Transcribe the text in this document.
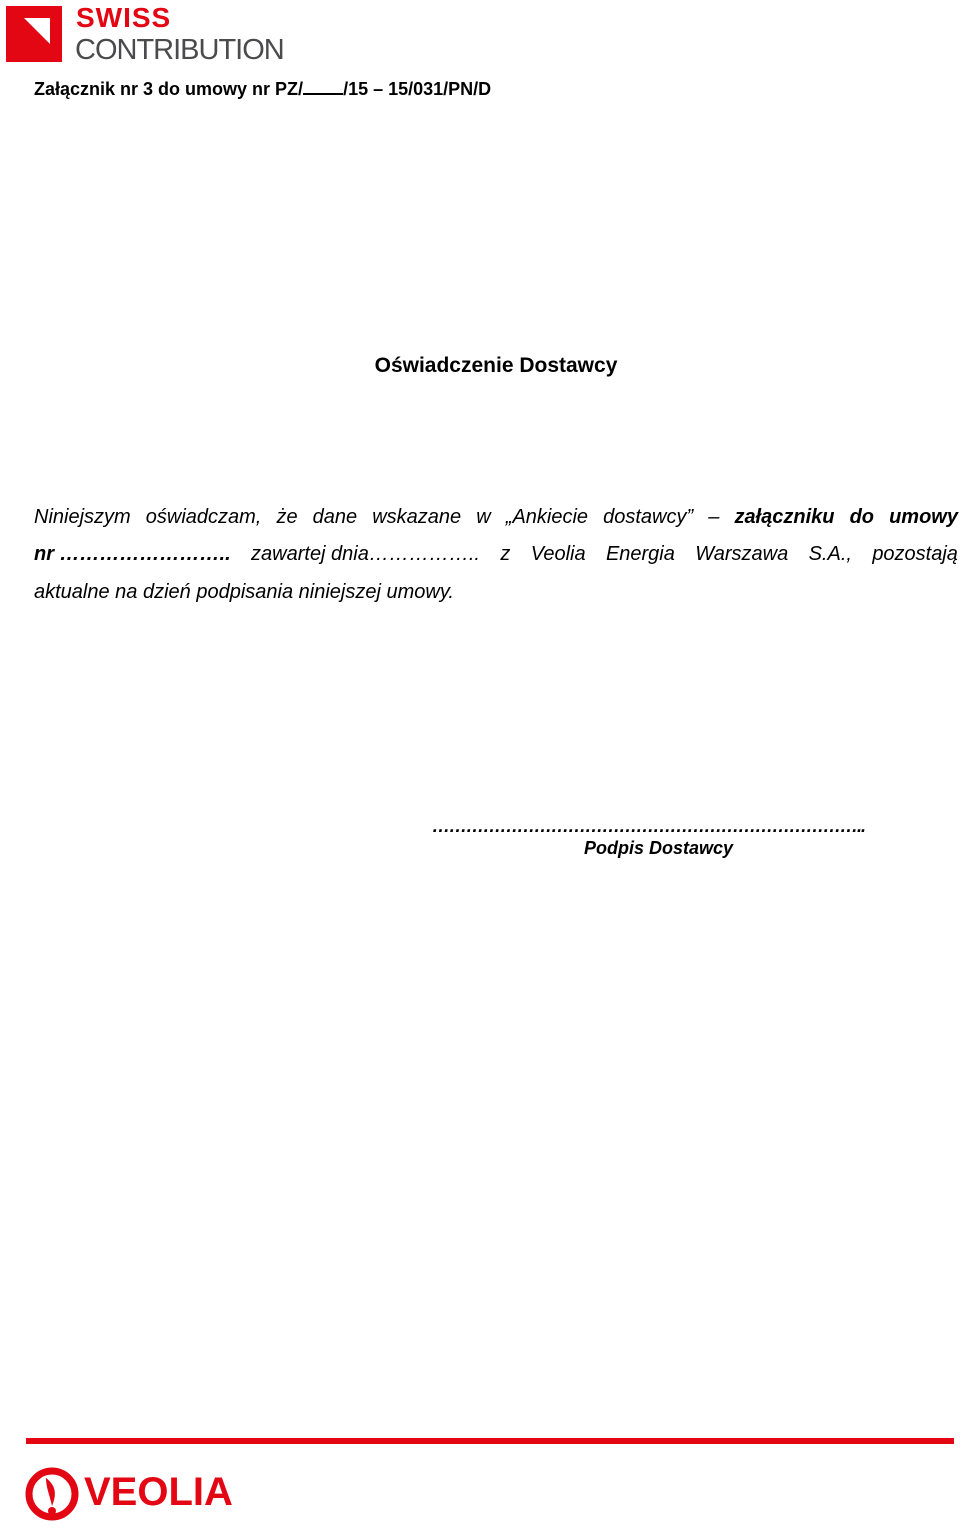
SWISS
CONTRIBUTION
Załącznik nr 3 do umowy nr PZ/ /15 – 15/031/PN/D
Oświadczenie Dostawcy
Niniejszym oświadczam, że dane wskazane w „Ankiecie dostawcy” – załączniku do umowy
nr …………………….. zawartej dnia…………….. z Veolia Energia Warszawa S.A., pozostają
aktualne na dzień podpisania niniejszej umowy.
…………………………………………………………………..
Podpis Dostawcy
VEOLIA
